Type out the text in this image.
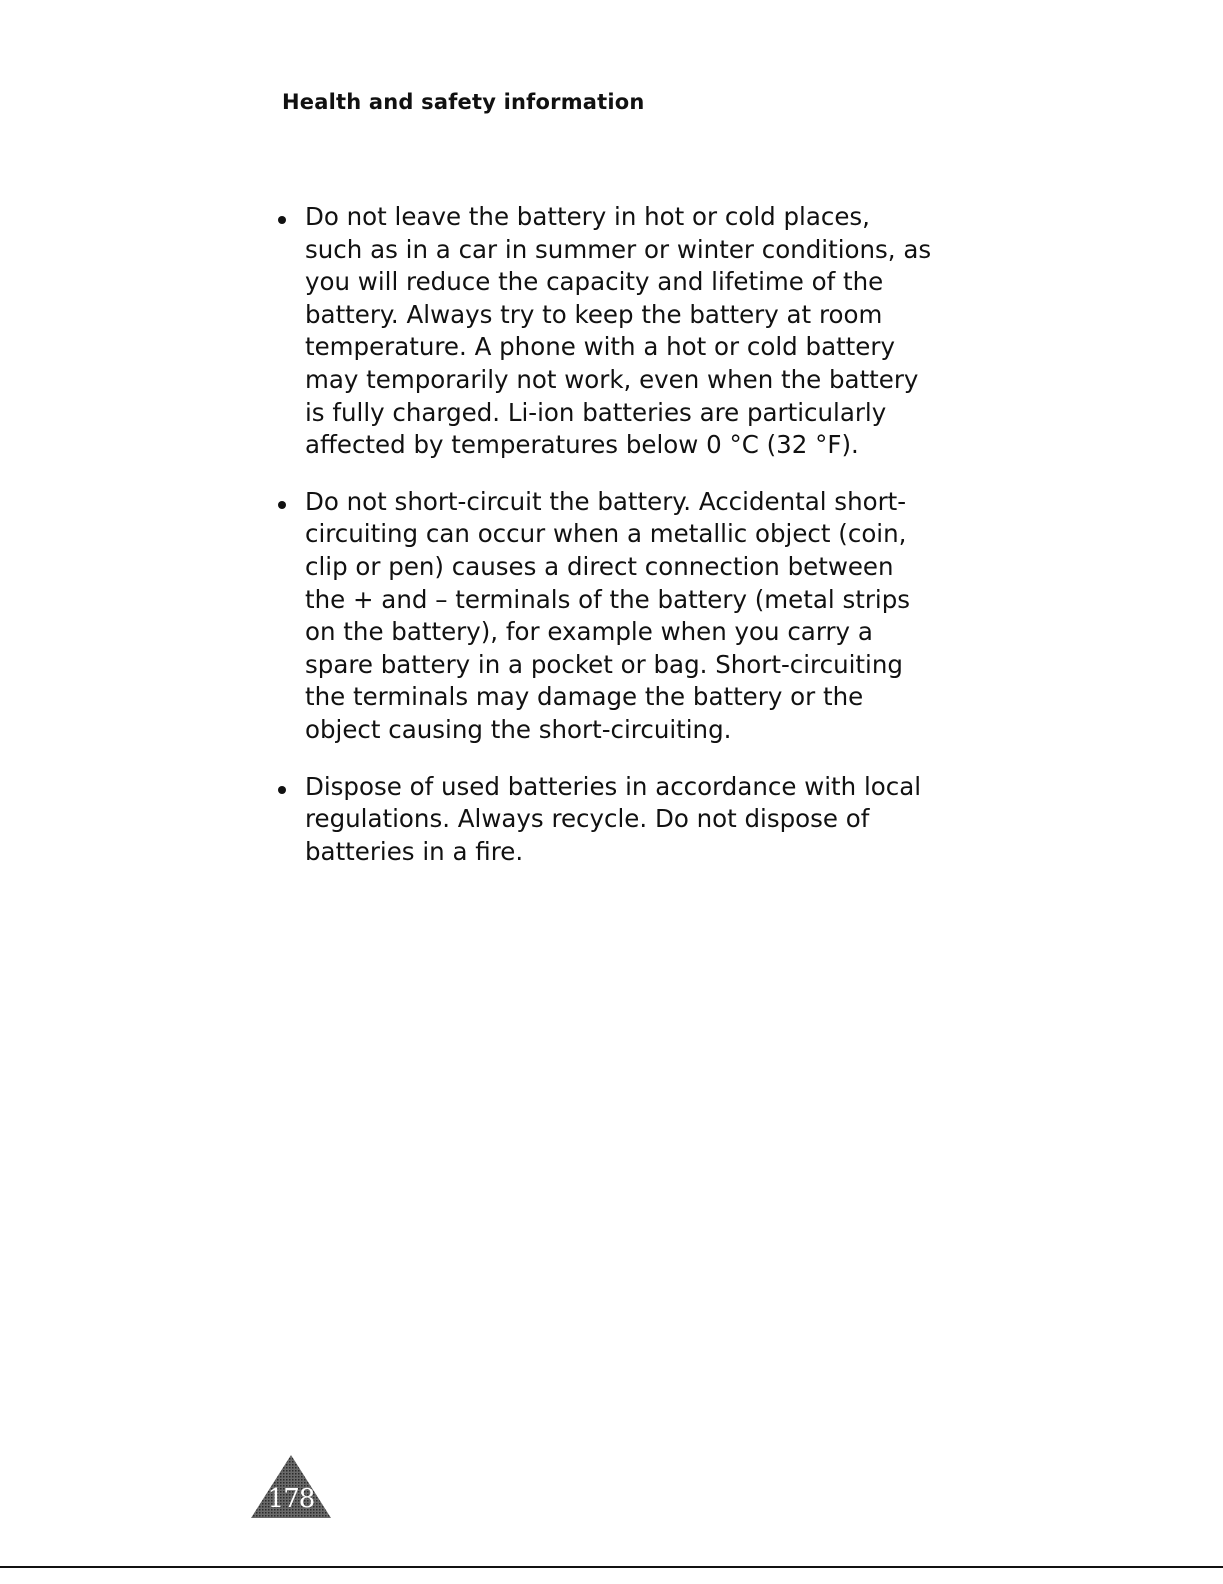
Health and safety information
Do not leave the battery in hot or cold places, such as in a car in summer or winter conditions, as you will reduce the capacity and lifetime of the battery. Always try to keep the battery at room temperature. A phone with a hot or cold battery may temporarily not work, even when the battery is fully charged. Li-ion batteries are particularly affected by temperatures below 0 °C (32 °F).
Do not short-circuit the battery. Accidental short-circuiting can occur when a metallic object (coin, clip or pen) causes a direct connection between the + and – terminals of the battery (metal strips on the battery), for example when you carry a spare battery in a pocket or bag. Short-circuiting the terminals may damage the battery or the object causing the short-circuiting.
Dispose of used batteries in accordance with local regulations. Always recycle. Do not dispose of batteries in a fire.
178
